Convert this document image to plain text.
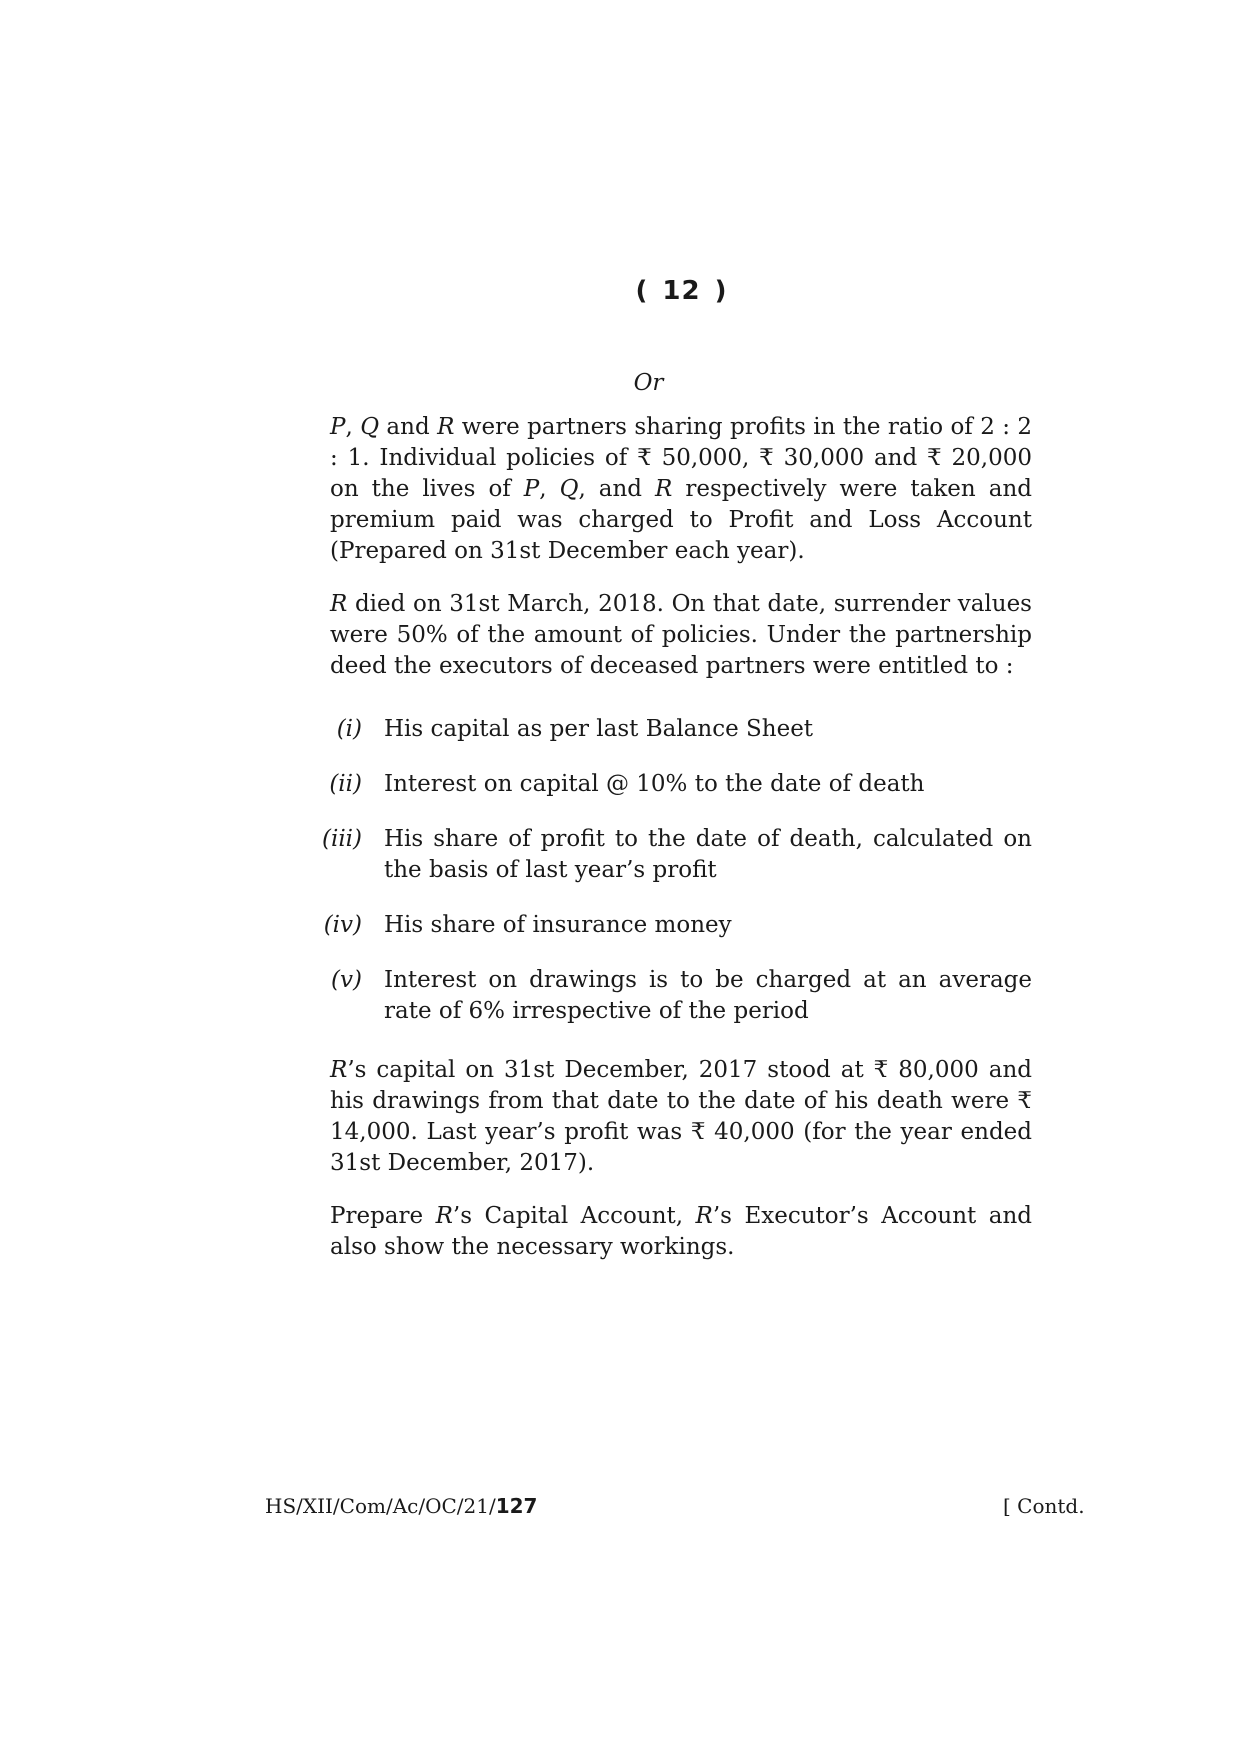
( 12 )
Or

P, Q and R were partners sharing profits in the ratio of 2 : 2 : 1. Individual policies of ₹ 50,000, ₹ 30,000 and ₹ 20,000 on the lives of P, Q, and R respectively were taken and premium paid was charged to Profit and Loss Account (Prepared on 31st December each year).

R died on 31st March, 2018. On that date, surrender values were 50% of the amount of policies. Under the partnership deed the executors of deceased partners were entitled to :

(i) His capital as per last Balance Sheet
(ii) Interest on capital @ 10% to the date of death
(iii) His share of profit to the date of death, calculated on the basis of last year’s profit
(iv) His share of insurance money
(v) Interest on drawings is to be charged at an average rate of 6% irrespective of the period

R’s capital on 31st December, 2017 stood at ₹ 80,000 and his drawings from that date to the date of his death were ₹ 14,000. Last year’s profit was ₹ 40,000 (for the year ended 31st December, 2017).

Prepare R’s Capital Account, R’s Executor’s Account and also show the necessary workings.

HS/XII/Com/Ac/OC/21/127	[ Contd.
